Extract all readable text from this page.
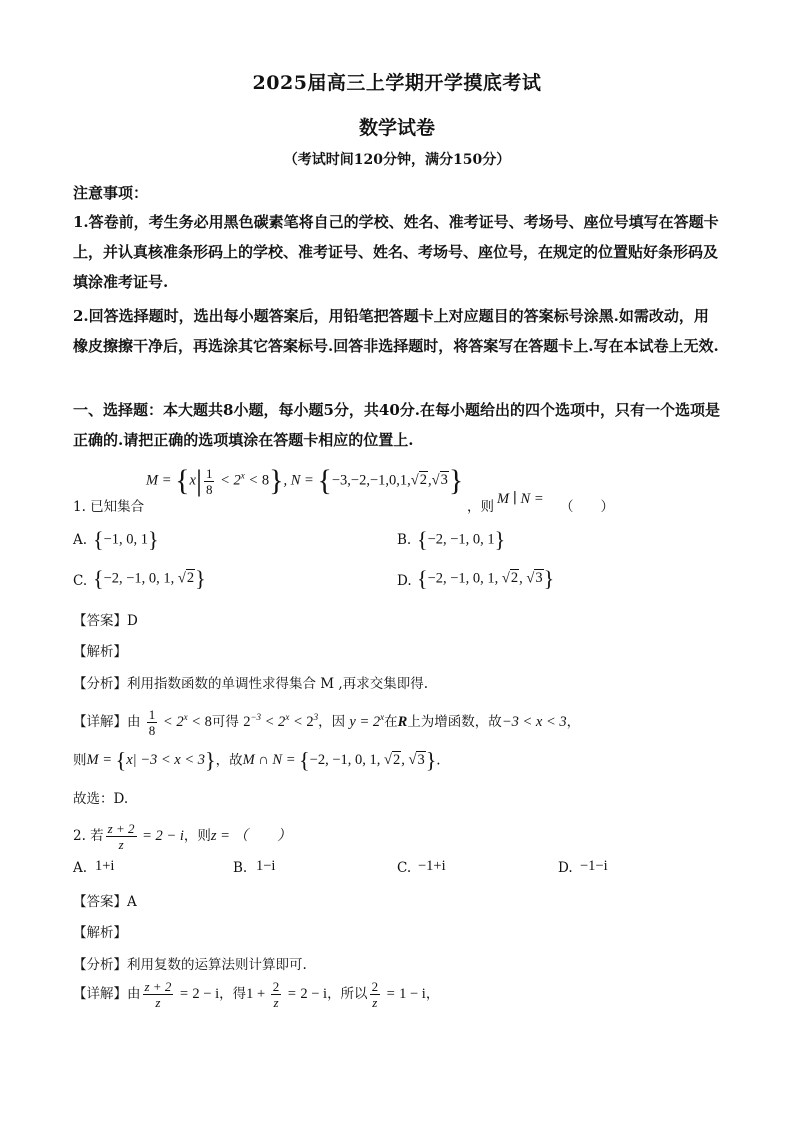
2025届高三上学期开学摸底考试
数学试卷
（考试时间120分钟，满分150分）
注意事项：
1.答卷前，考生务必用黑色碳素笔将自己的学校、姓名、准考证号、考场号、座位号填写在答题卡上，并认真核准条形码上的学校、准考证号、姓名、考场号、座位号，在规定的位置贴好条形码及填涂准考证号.
2.回答选择题时，选出每小题答案后，用铅笔把答题卡上对应题目的答案标号涂黑.如需改动，用橡皮擦擦干净后，再选涂其它答案标号.回答非选择题时，将答案写在答题卡上.写在本试卷上无效.
一、选择题：本大题共8小题，每小题5分，共40分.在每小题给出的四个选项中，只有一个选项是正确的.请把正确的选项填涂在答题卡相应的位置上.
1. 已知集合
$M = \{x| \frac{1}{8} < 2^x < 8\}$, N = {−3,−2,−1,0,1,√2,√3}
，则 M ∣ N = （　　）
A. {−1, 0, 1}	B. {−2, −1, 0, 1}
C. {−2, −1, 0, 1, √2}	D. {−2, −1, 0, 1, √2, √3}
【答案】D
【解析】
【分析】利用指数函数的单调性求得集合 M ,再求交集即得.
【详解】由 $\frac{1}{8} < 2^x < 8$可得 $2^{-3} < 2^x < 2^3$，因 $y = 2^x$在R上为增函数，故−3 < x < 3，
则M = {x| −3 < x < 3}，故M ∩ N = {−2, −1, 0, 1, √2, √3}.
故选：D.
2. 若 $\frac{z + 2}{z} = 2 - i$，则z = （　　）
A. 1+i	B. 1−i	C. −1+i	D. −1−i
【答案】A
【解析】
【分析】利用复数的运算法则计算即可.
【详解】由 $\frac{z + 2}{z} = 2 - i$，得$1 + \frac{2}{z} = 2 - i$，所以 $\frac{2}{z} = 1 - i$，
